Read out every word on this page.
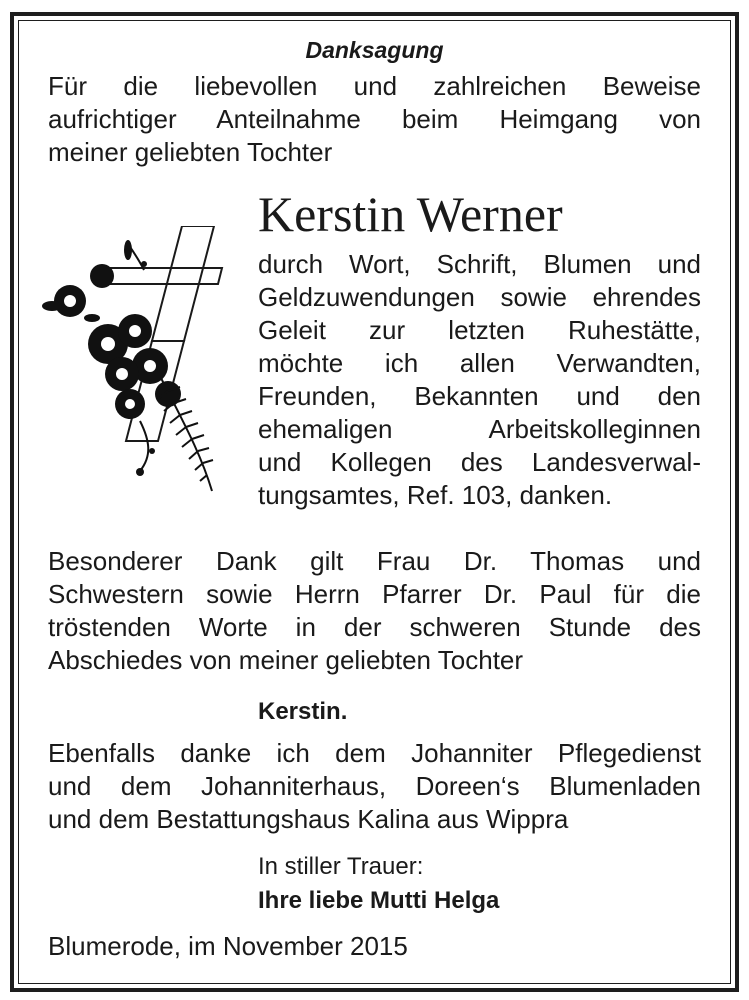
Danksagung
Für die liebevollen und zahlreichen Beweise
aufrichtiger Anteilnahme beim Heimgang von
meiner geliebten Tochter
Kerstin Werner
durch Wort, Schrift, Blumen und
Geldzuwendungen sowie ehrendes
Geleit zur letzten Ruhestätte,
möchte ich allen Verwandten,
Freunden, Bekannten und den
ehemaligen Arbeitskolleginnen
und Kollegen des Landesverwal-
tungsamtes, Ref. 103, danken.
Besonderer Dank gilt Frau Dr. Thomas und
Schwestern sowie Herrn Pfarrer Dr. Paul für die
tröstenden Worte in der schweren Stunde des
Abschiedes von meiner geliebten Tochter
Kerstin.
Ebenfalls danke ich dem Johanniter Pflegedienst
und dem Johanniterhaus, Doreen‘s Blumenladen
und dem Bestattungshaus Kalina aus Wippra
In stiller Trauer:
Ihre liebe Mutti Helga
Blumerode, im November 2015
